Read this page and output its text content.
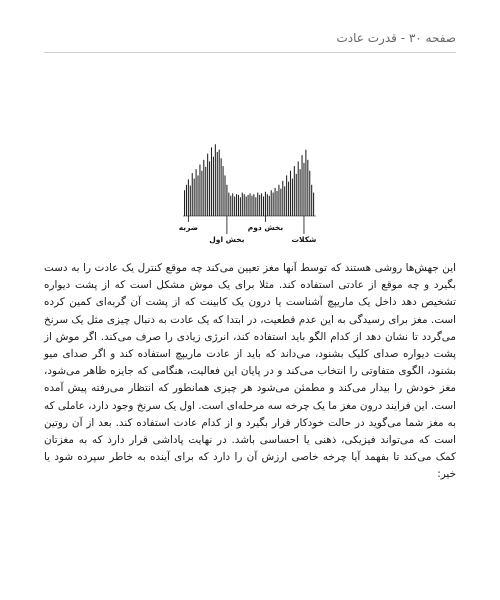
صفحه ۳۰ - قدرت عادت
ضربه
بخش اول
بخش دوم
شکلات

این جهش‌ها روشی هستند که توسط آنها مغز تعیین می‌کند چه موقع کنترل یک عادت را به دست بگیرد و چه موقع از عادتی استفاده کند. مثلا برای یک موش مشکل است که از پشت دیواره تشخیص دهد داخل یک ماریپچ آشناست یا درون یک کابینت که از پشت آن گربه‌ای کمین کرده است. مغز برای رسیدگی به این عدم قطعیت، در ابتدا که یک عادت به دنبال چیزی مثل یک سرنخ می‌گردد تا نشان دهد از کدام الگو باید استفاده کند، انرژی زیادی را صرف می‌کند. اگر موش از پشت دیواره صدای کلیک بشنود، می‌داند که باید از عادت ماریپچ استفاده کند و اگر صدای میو بشنود، الگوی متفاوتی را انتخاب می‌کند و در پایان این فعالیت، هنگامی که جایزه ظاهر می‌شود، مغز خودش را بیدار می‌کند و مطمئن می‌شود هر چیزی همانطور که انتظار می‌رفته پیش آمده است. این فرایند درون مغز ما یک چرخه سه مرحله‌ای است. اول یک سرنخ وجود دارد، عاملی که به مغز شما می‌گوید در حالت خودکار قرار بگیرد و از کدام عادت استفاده کند. بعد از آن روتین است که می‌تواند فیزیکی، ذهنی یا احساسی باشد. در نهایت پاداشی قرار دارد که به مغزتان کمک می‌کند تا بفهمد آیا چرخه خاصی ارزش آن را دارد که برای آینده به خاطر سپرده شود یا خیر:
